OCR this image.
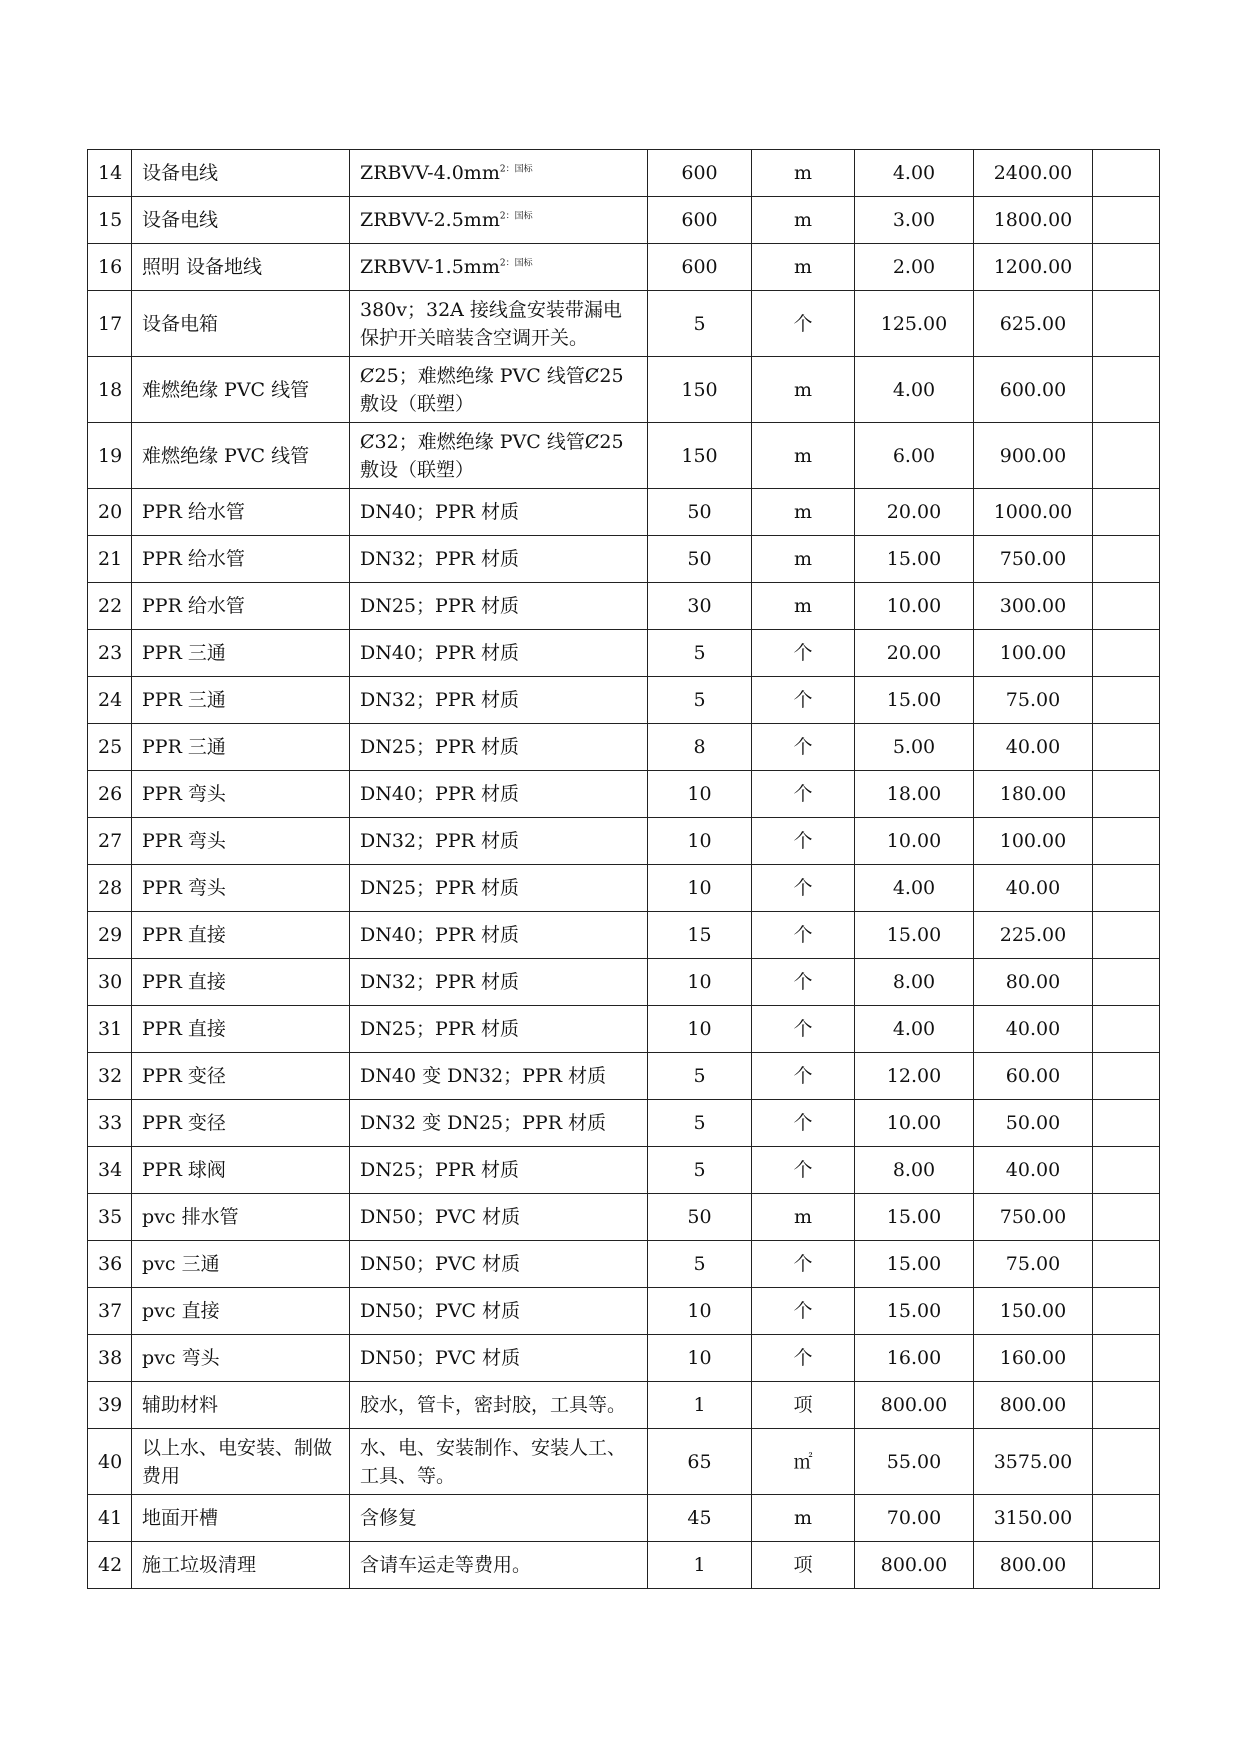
14	设备电线	ZRBVV-4.0mm$^{2:国标}$	600	m	4.00	2400.00	
15	设备电线	ZRBVV-2.5mm$^{2:国标}$	600	m	3.00	1800.00	
16	照明 设备地线	ZRBVV-1.5mm$^{2:国标}$	600	m	2.00	1200.00	
17	设备电箱	380v；32A 接线盒安装带漏电保护开关暗装含空调开关。	5	个	125.00	625.00	
18	难燃绝缘 PVC 线管	Ȼ25；难燃绝缘 PVC 线管Ȼ25 敷设（联塑）	150	m	4.00	600.00	
19	难燃绝缘 PVC 线管	Ȼ32；难燃绝缘 PVC 线管Ȼ25 敷设（联塑）	150	m	6.00	900.00	
20	PPR 给水管	DN40；PPR 材质	50	m	20.00	1000.00	
21	PPR 给水管	DN32；PPR 材质	50	m	15.00	750.00	
22	PPR 给水管	DN25；PPR 材质	30	m	10.00	300.00	
23	PPR 三通	DN40；PPR 材质	5	个	20.00	100.00	
24	PPR 三通	DN32；PPR 材质	5	个	15.00	75.00	
25	PPR 三通	DN25；PPR 材质	8	个	5.00	40.00	
26	PPR 弯头	DN40；PPR 材质	10	个	18.00	180.00	
27	PPR 弯头	DN32；PPR 材质	10	个	10.00	100.00	
28	PPR 弯头	DN25；PPR 材质	10	个	4.00	40.00	
29	PPR 直接	DN40；PPR 材质	15	个	15.00	225.00	
30	PPR 直接	DN32；PPR 材质	10	个	8.00	80.00	
31	PPR 直接	DN25；PPR 材质	10	个	4.00	40.00	
32	PPR 变径	DN40 变 DN32；PPR 材质	5	个	12.00	60.00	
33	PPR 变径	DN32 变 DN25；PPR 材质	5	个	10.00	50.00	
34	PPR 球阀	DN25；PPR 材质	5	个	8.00	40.00	
35	pvc 排水管	DN50；PVC 材质	50	m	15.00	750.00	
36	pvc 三通	DN50；PVC 材质	5	个	15.00	75.00	
37	pvc 直接	DN50；PVC 材质	10	个	15.00	150.00	
38	pvc 弯头	DN50；PVC 材质	10	个	16.00	160.00	
39	辅助材料	胶水，管卡，密封胶，工具等。	1	项	800.00	800.00	
40	以上水、电安装、制做费用	水、电、安装制作、安装人工、工具、等。	65	㎡	55.00	3575.00	
41	地面开槽	含修复	45	m	70.00	3150.00	
42	施工垃圾清理	含请车运走等费用。	1	项	800.00	800.00	
